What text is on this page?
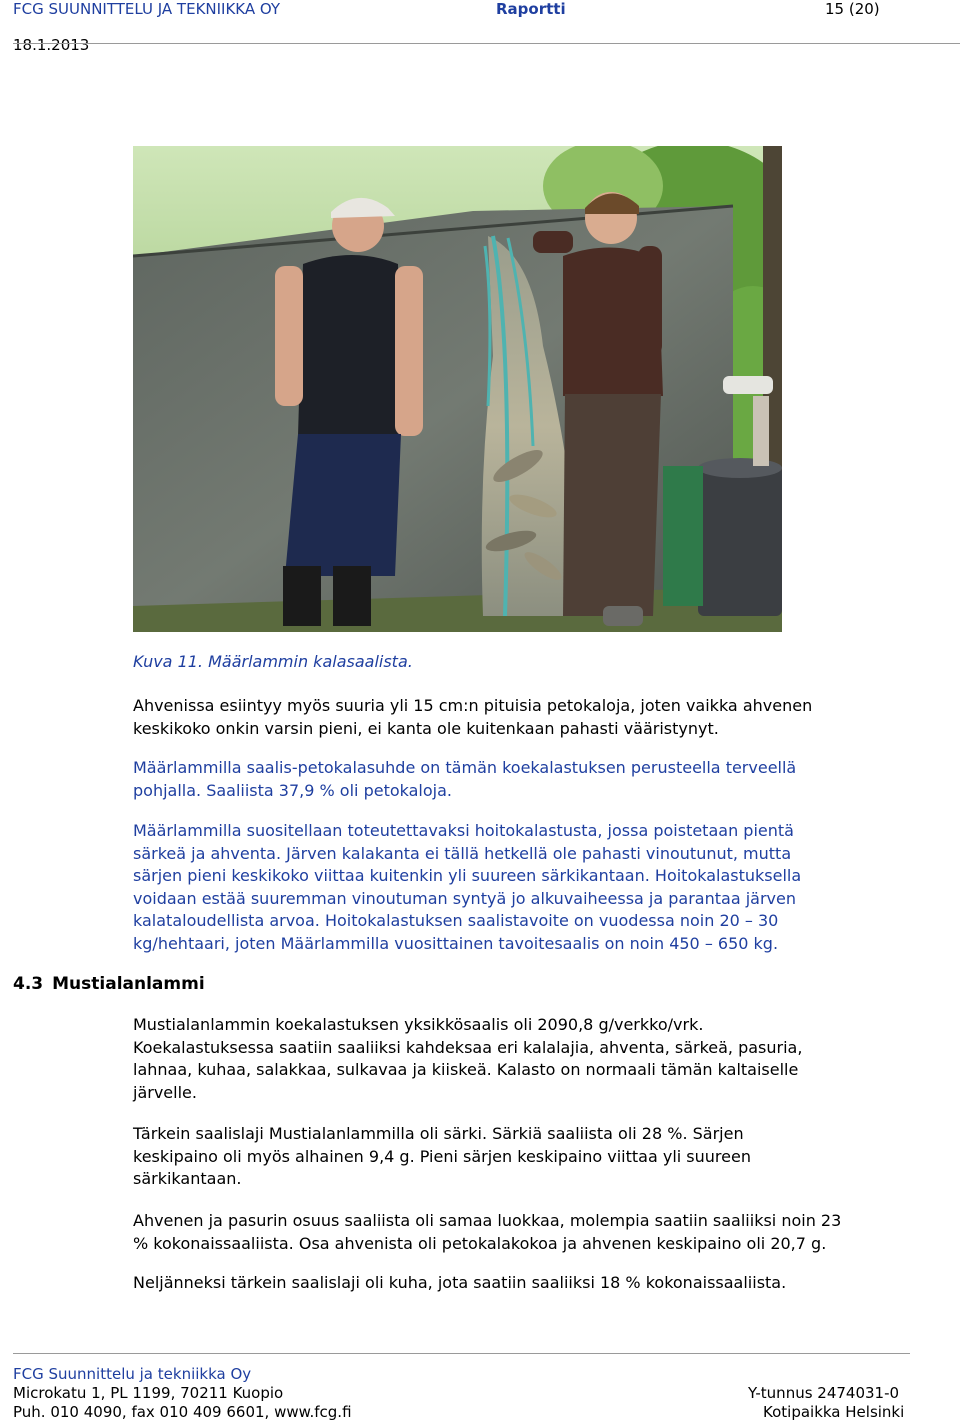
FCG SUUNNITTELU JA TEKNIIKKA OY	Raportti	15 (20)
18.1.2013
Kuva 11. Määrlammin kalasaalista.

Ahvenissa esiintyy myös suuria yli 15 cm:n pituisia petokaloja, joten vaikka ahvenen
keskikoko onkin varsin pieni, ei kanta ole kuitenkaan pahasti vääristynyt.

Määrlammilla saalis-petokalasuhde on tämän koekalastuksen perusteella terveellä
pohjalla. Saaliista 37,9 % oli petokaloja.

Määrlammilla suositellaan toteutettavaksi hoitokalastusta, jossa poistetaan pientä
särkeä ja ahventa. Järven kalakanta ei tällä hetkellä ole pahasti vinoutunut, mutta
särjen pieni keskikoko viittaa kuitenkin yli suureen särkikantaan. Hoitokalastuksella
voidaan estää suuremman vinoutuman syntyä jo alkuvaiheessa ja parantaa järven
kalataloudellista arvoa. Hoitokalastuksen saalistavoite on vuodessa noin 20 – 30
kg/hehtaari, joten Määrlammilla vuosittainen tavoitesaalis on noin 450 – 650 kg.

4.3 Mustialanlammi

Mustialanlammin koekalastuksen yksikkösaalis oli 2090,8 g/verkko/vrk.
Koekalastuksessa saatiin saaliiksi kahdeksaa eri kalalajia, ahventa, särkeä, pasuria,
lahnaa, kuhaa, salakkaa, sulkavaa ja kiiskeä. Kalasto on normaali tämän kaltaiselle
järvelle.

Tärkein saalislaji Mustialanlammilla oli särki. Särkiä saaliista oli 28 %. Särjen
keskipaino oli myös alhainen 9,4 g. Pieni särjen keskipaino viittaa yli suureen
särkikantaan.

Ahvenen ja pasurin osuus saaliista oli samaa luokkaa, molempia saatiin saaliiksi noin 23
% kokonaissaaliista. Osa ahvenista oli petokalakokoa ja ahvenen keskipaino oli 20,7 g.

Neljänneksi tärkein saalislaji oli kuha, jota saatiin saaliiksi 18 % kokonaissaaliista.

FCG Suunnittelu ja tekniikka Oy
Microkatu 1, PL 1199, 70211 Kuopio
Puh. 010 4090, fax 010 409 6601, www.fcg.fi
Y-tunnus 2474031-0
Kotipaikka Helsinki
